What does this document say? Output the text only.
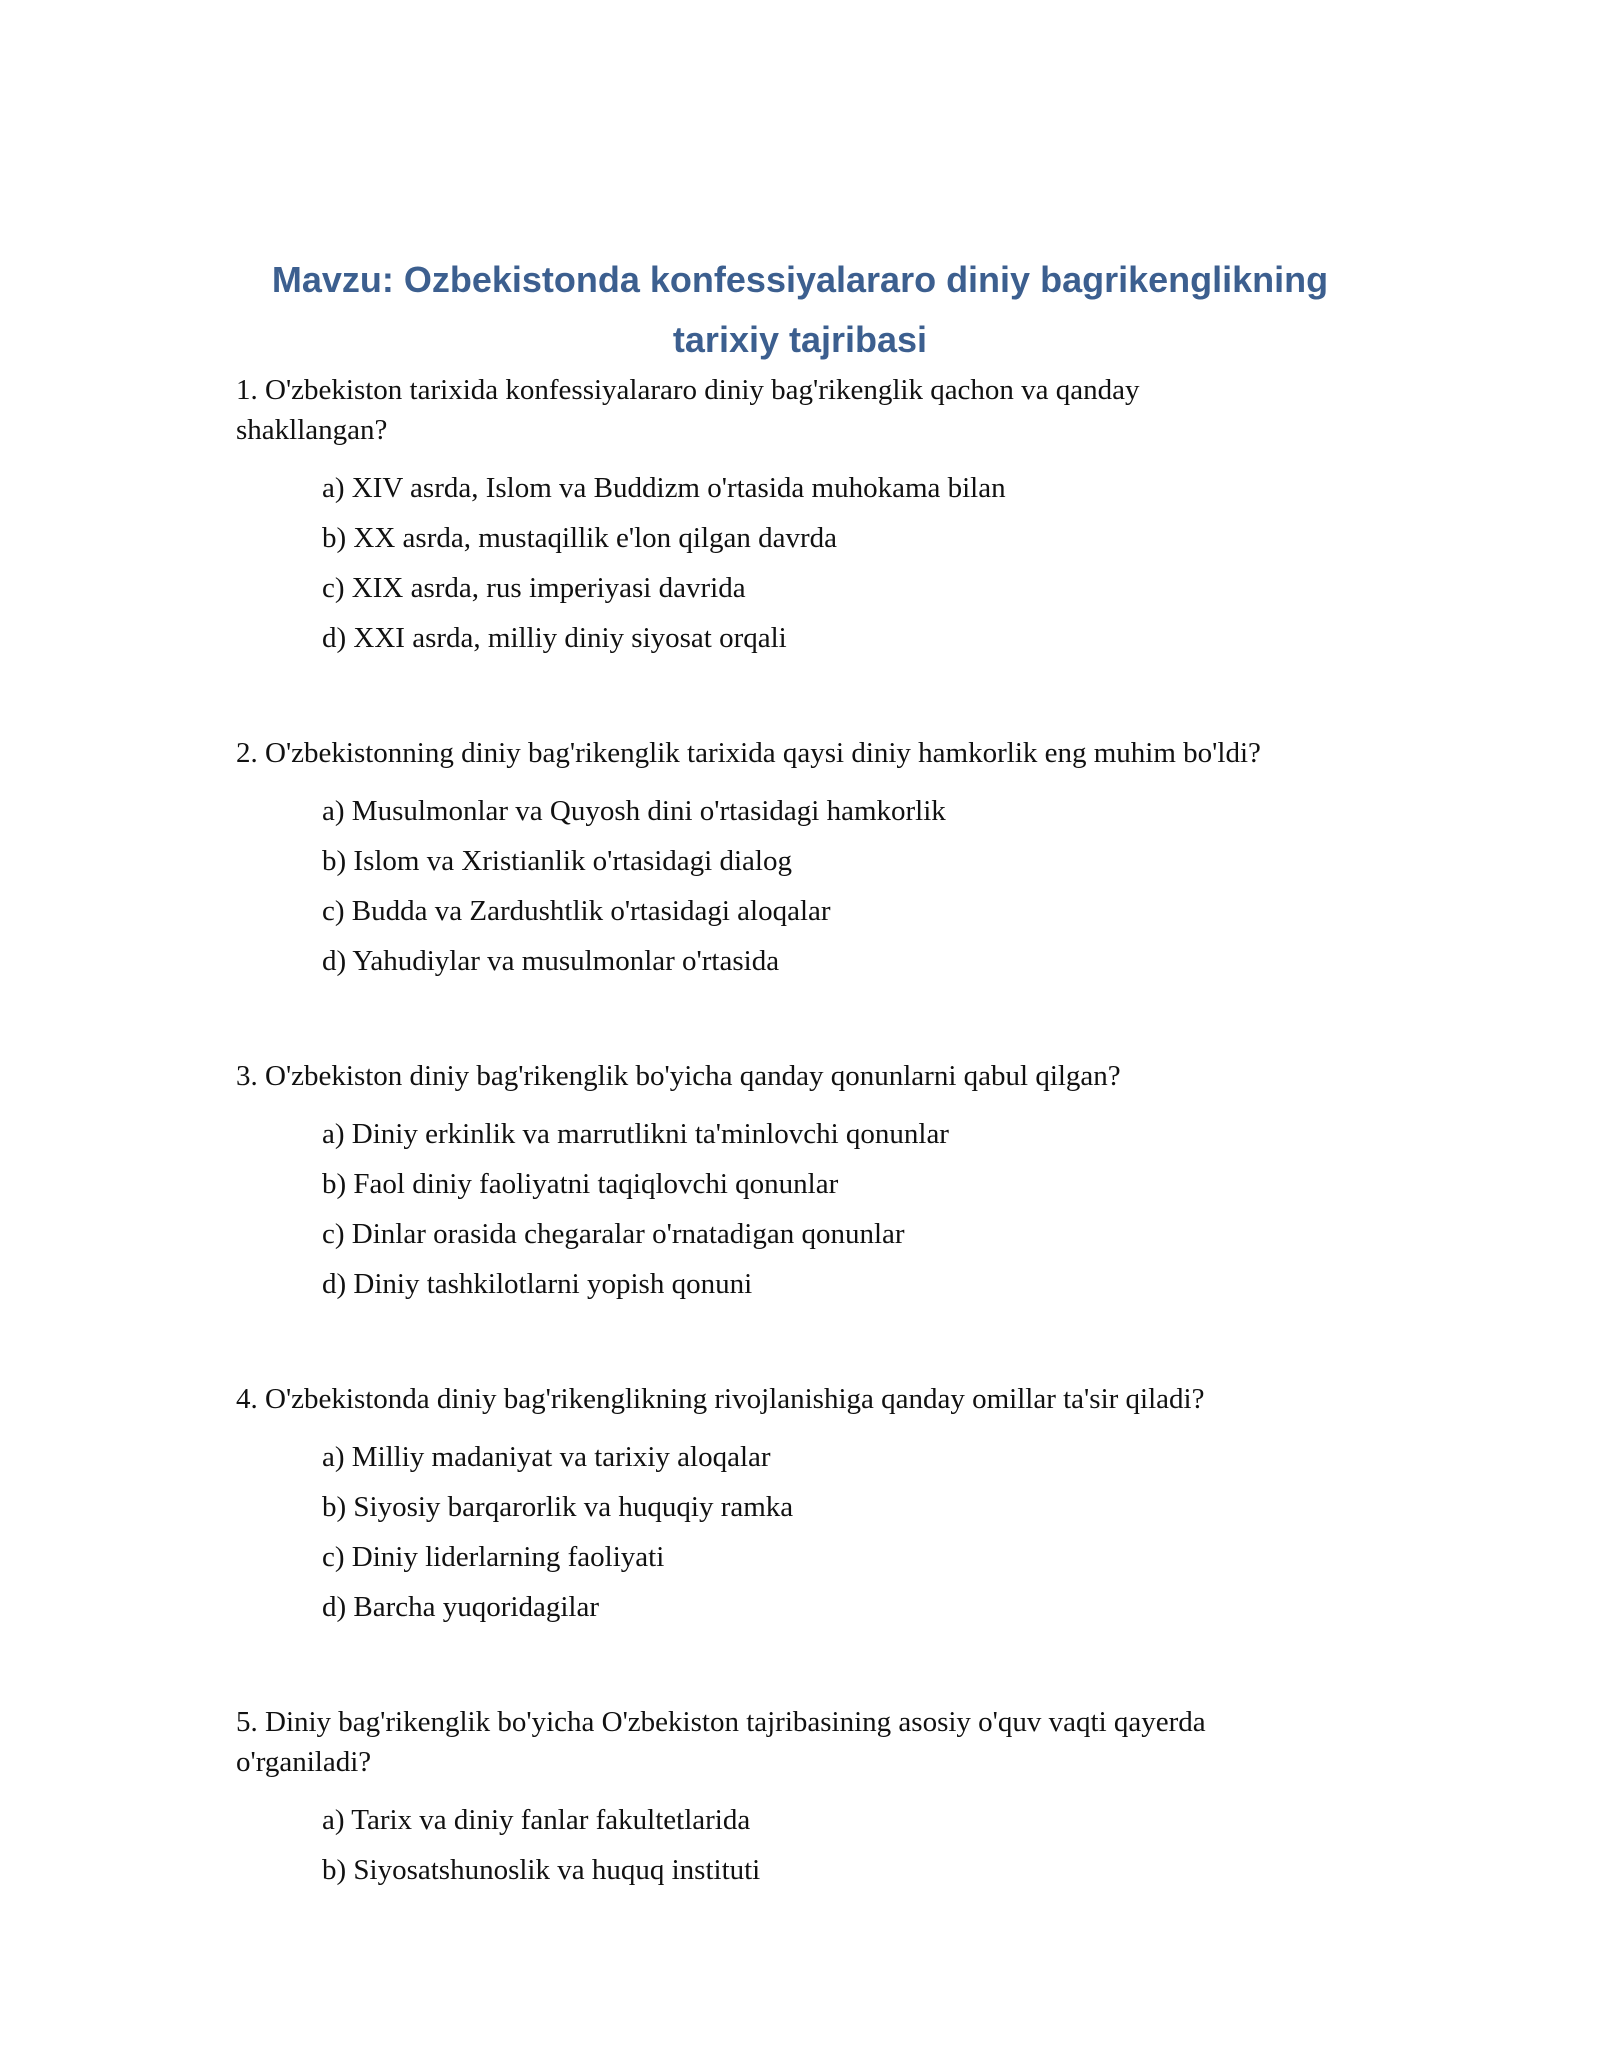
Mavzu: Ozbekistonda konfessiyalararo diniy bagrikenglikning
tarixiy tajribasi

1. O'zbekiston tarixida konfessiyalararo diniy bag'rikenglik qachon va qanday shakllangan?

a) XIV asrda, Islom va Buddizm o'rtasida muhokama bilan
b) XX asrda, mustaqillik e'lon qilgan davrda
c) XIX asrda, rus imperiyasi davrida
d) XXI asrda, milliy diniy siyosat orqali

2. O'zbekistonning diniy bag'rikenglik tarixida qaysi diniy hamkorlik eng muhim bo'ldi?

a) Musulmonlar va Quyosh dini o'rtasidagi hamkorlik
b) Islom va Xristianlik o'rtasidagi dialog
c) Budda va Zardushtlik o'rtasidagi aloqalar
d) Yahudiylar va musulmonlar o'rtasida

3. O'zbekiston diniy bag'rikenglik bo'yicha qanday qonunlarni qabul qilgan?

a) Diniy erkinlik va marrutlikni ta'minlovchi qonunlar
b) Faol diniy faoliyatni taqiqlovchi qonunlar
c) Dinlar orasida chegaralar o'rnatadigan qonunlar
d) Diniy tashkilotlarni yopish qonuni

4. O'zbekistonda diniy bag'rikenglikning rivojlanishiga qanday omillar ta'sir qiladi?

a) Milliy madaniyat va tarixiy aloqalar
b) Siyosiy barqarorlik va huquqiy ramka
c) Diniy liderlarning faoliyati
d) Barcha yuqoridagilar

5. Diniy bag'rikenglik bo'yicha O'zbekiston tajribasining asosiy o'quv vaqti qayerda o'rganiladi?

a) Tarix va diniy fanlar fakultetlarida
b) Siyosatshunoslik va huquq instituti
